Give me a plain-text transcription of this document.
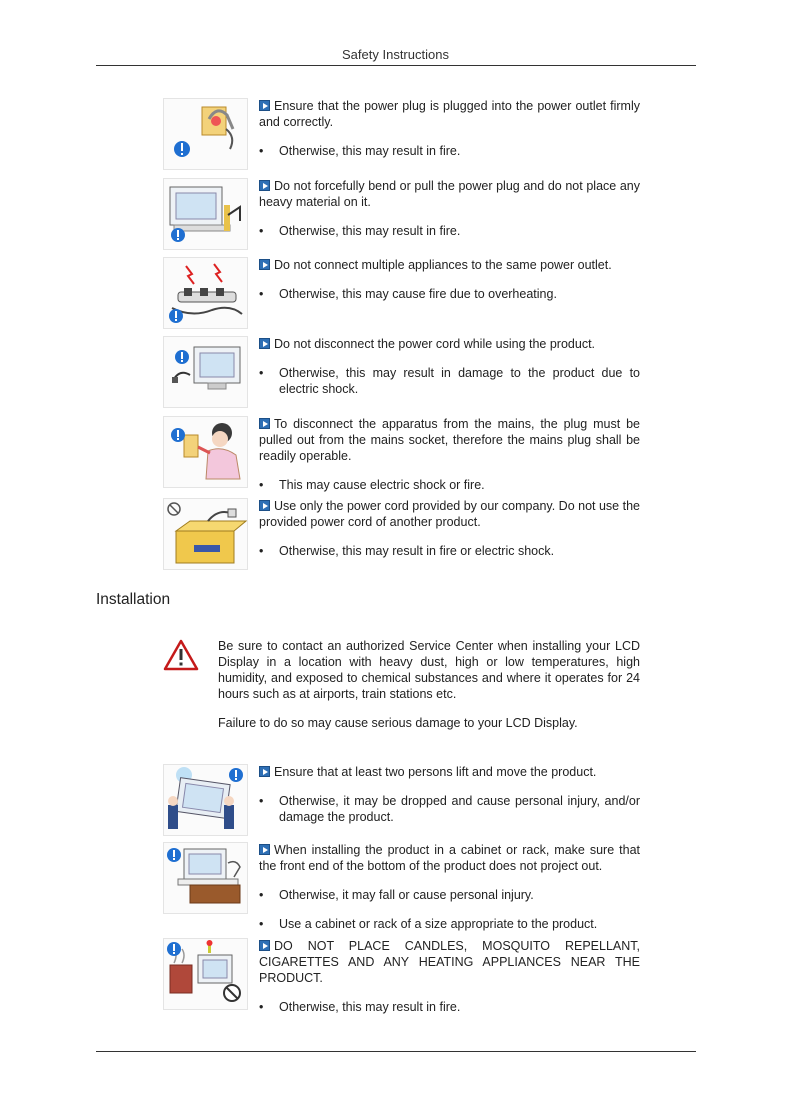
Safety Instructions
Ensure that the power plug is plugged into the power outlet firmly and correctly.
• Otherwise, this may result in fire.
Do not forcefully bend or pull the power plug and do not place any heavy material on it.
• Otherwise, this may result in fire.
Do not connect multiple appliances to the same power outlet.
• Otherwise, this may cause fire due to overheating.
Do not disconnect the power cord while using the product.
• Otherwise, this may result in damage to the product due to electric shock.
To disconnect the apparatus from the mains, the plug must be pulled out from the mains socket, therefore the mains plug shall be readily operable.
• This may cause electric shock or fire.
Use only the power cord provided by our company. Do not use the provided power cord of another product.
• Otherwise, this may result in fire or electric shock.
Installation

Be sure to contact an authorized Service Center when installing your LCD Display in a location with heavy dust, high or low temperatures, high humidity, and exposed to chemical substances and where it operates for 24 hours such as at airports, train stations etc.

Failure to do so may cause serious damage to your LCD Display.

Ensure that at least two persons lift and move the product.
• Otherwise, it may be dropped and cause personal injury, and/or damage the product.
When installing the product in a cabinet or rack, make sure that the front end of the bottom of the product does not project out.
• Otherwise, it may fall or cause personal injury.
• Use a cabinet or rack of a size appropriate to the product.
DO NOT PLACE CANDLES, MOSQUITO REPELLANT, CIGARETTES AND ANY HEATING APPLIANCES NEAR THE PRODUCT.
• Otherwise, this may result in fire.
